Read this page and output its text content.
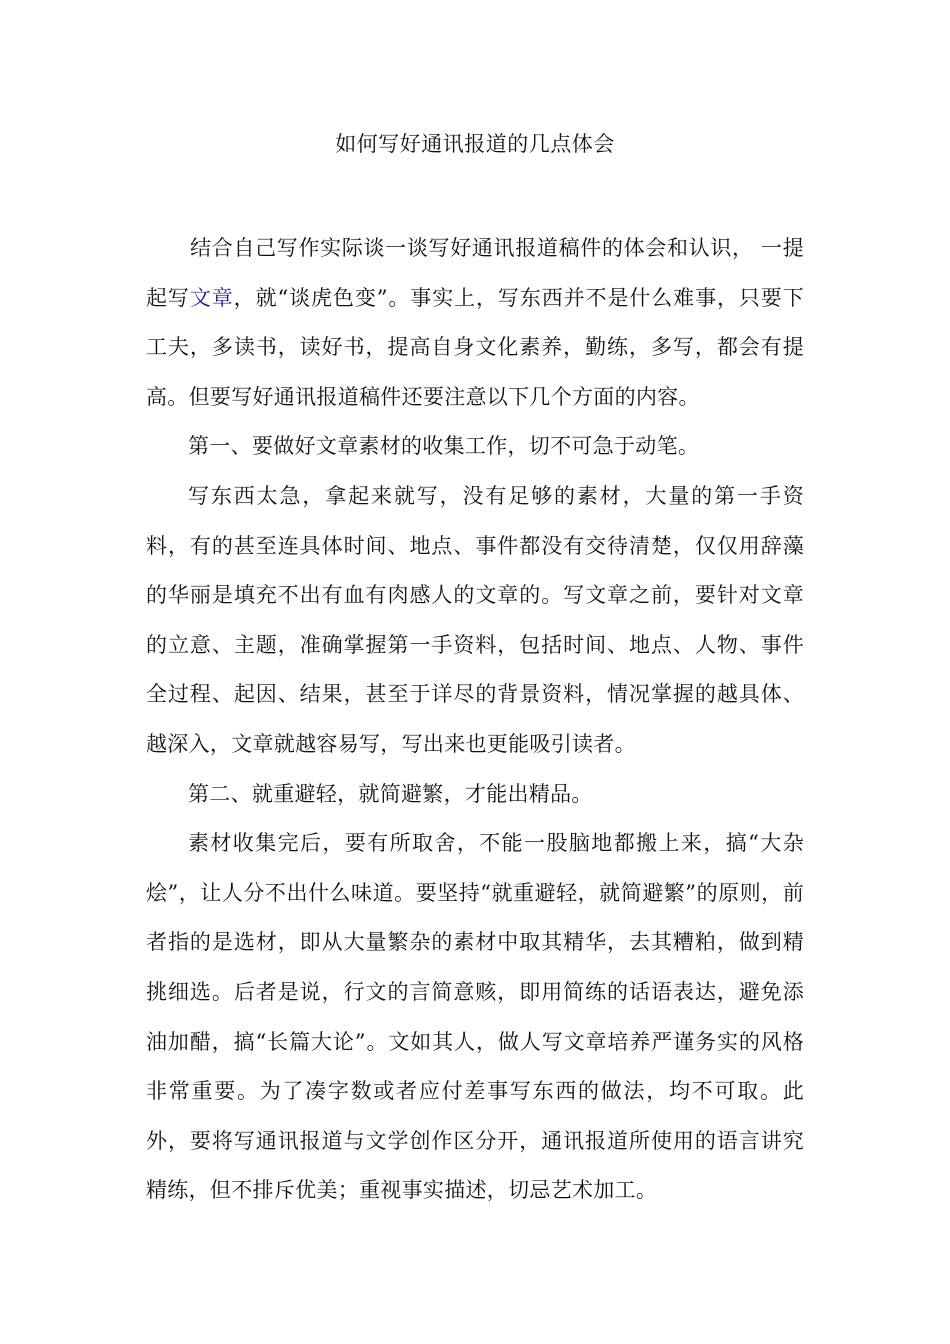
如何写好通讯报道的几点体会

结合自己写作实际谈一谈写好通讯报道稿件的体会和认识， 一提起写文章，就“谈虎色变”。事实上，写东西并不是什么难事，只要下工夫，多读书，读好书，提高自身文化素养，勤练，多写，都会有提高。但要写好通讯报道稿件还要注意以下几个方面的内容。

第一、要做好文章素材的收集工作，切不可急于动笔。

写东西太急，拿起来就写，没有足够的素材，大量的第一手资料，有的甚至连具体时间、地点、事件都没有交待清楚，仅仅用辞藻的华丽是填充不出有血有肉感人的文章的。写文章之前，要针对文章的立意、主题，准确掌握第一手资料，包括时间、地点、人物、事件全过程、起因、结果，甚至于详尽的背景资料，情况掌握的越具体、越深入，文章就越容易写，写出来也更能吸引读者。

第二、就重避轻，就简避繁，才能出精品。

素材收集完后，要有所取舍，不能一股脑地都搬上来，搞“大杂烩”，让人分不出什么味道。要坚持“就重避轻，就简避繁”的原则，前者指的是选材，即从大量繁杂的素材中取其精华，去其糟粕，做到精挑细选。后者是说，行文的言简意赅，即用简练的话语表达，避免添油加醋，搞“长篇大论”。文如其人，做人写文章培养严谨务实的风格非常重要。为了凑字数或者应付差事写东西的做法，均不可取。此外，要将写通讯报道与文学创作区分开，通讯报道所使用的语言讲究精练，但不排斥优美；重视事实描述，切忌艺术加工。
